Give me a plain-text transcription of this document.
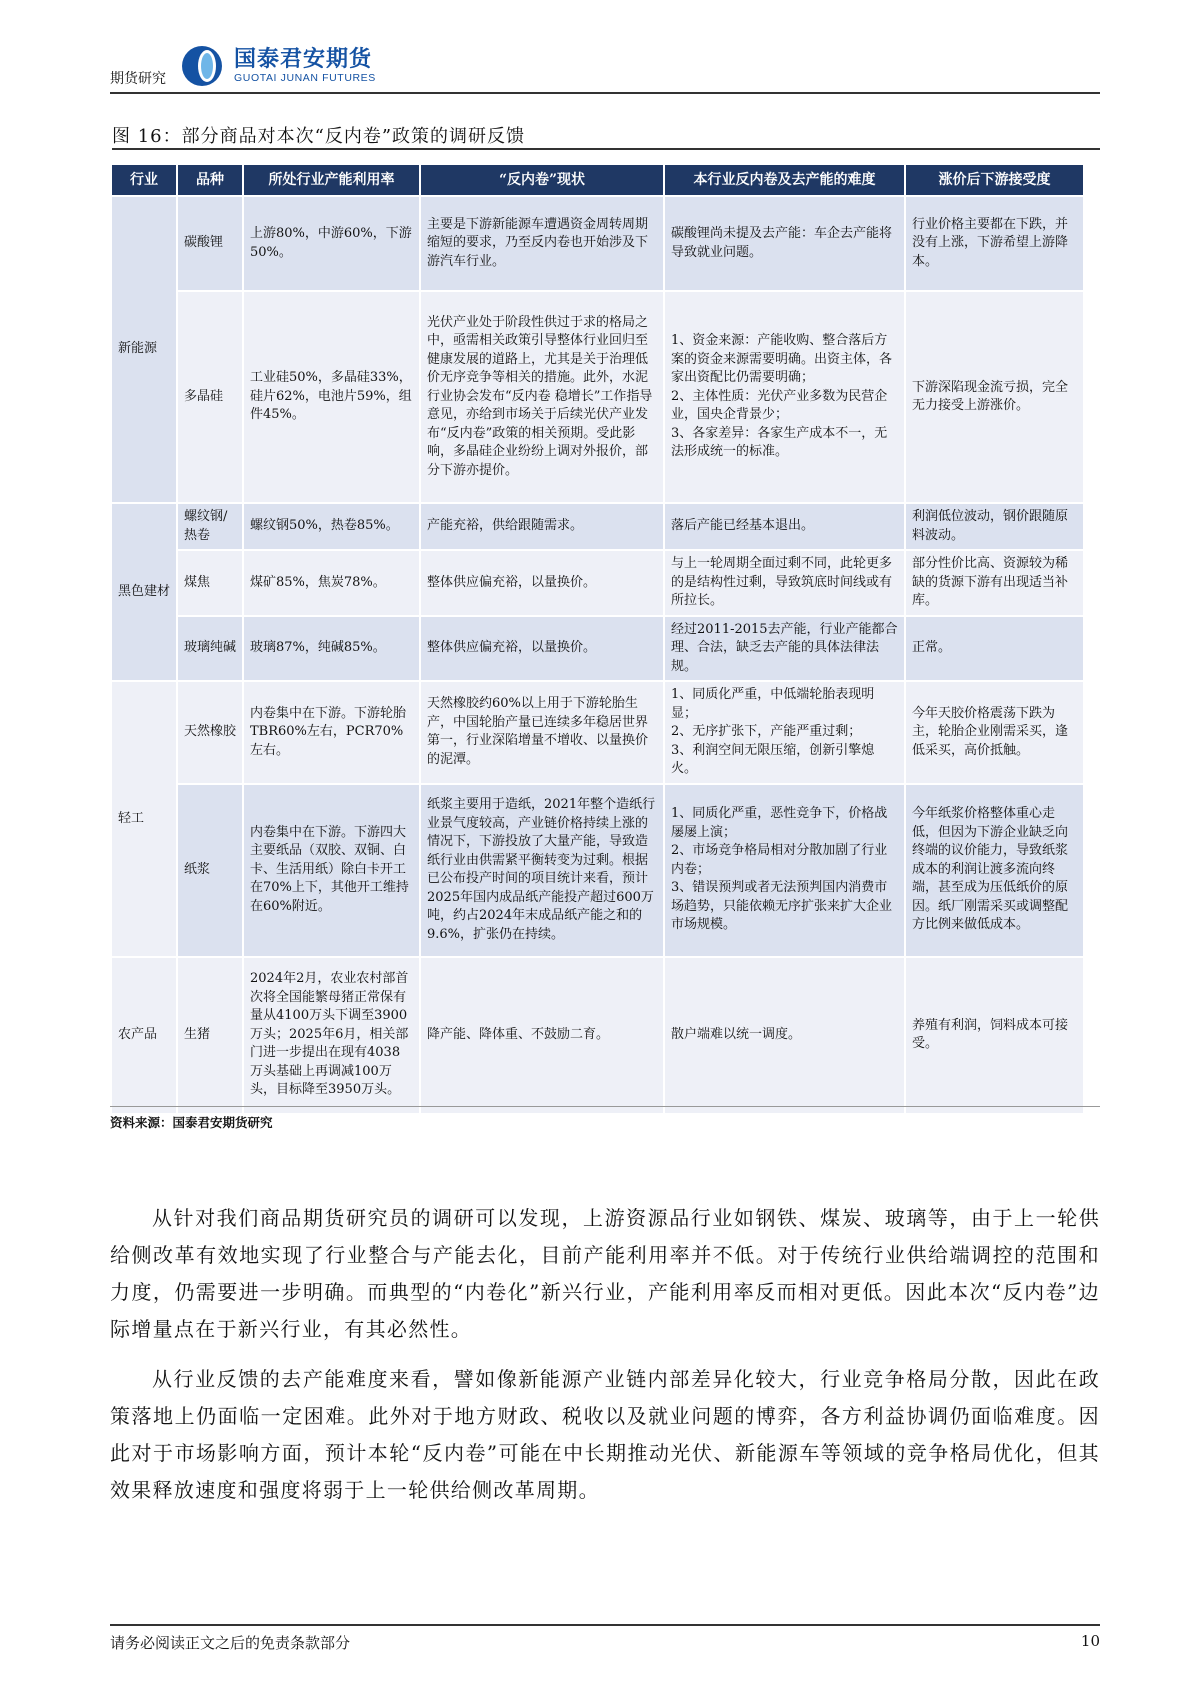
期货研究
国泰君安期货
GUOTAI JUNAN FUTURES
图 16：部分商品对本次“反内卷”政策的调研反馈
行业	品种	所处行业产能利用率	“反内卷”现状	本行业反内卷及去产能的难度	涨价后下游接受度
新能源	碳酸锂	上游80%，中游60%，下游50%。	主要是下游新能源车遭遇资金周转周期缩短的要求，乃至反内卷也开始涉及下游汽车行业。	碳酸锂尚未提及去产能：车企去产能将导致就业问题。	行业价格主要都在下跌，并没有上涨，下游希望上游降本。
	多晶硅	工业硅50%，多晶硅33%，硅片62%，电池片59%，组件45%。	光伏产业处于阶段性供过于求的格局之中，亟需相关政策引导整体行业回归至健康发展的道路上，尤其是关于治理低价无序竞争等相关的措施。此外，水泥行业协会发布“反内卷 稳增长”工作指导意见，亦给到市场关于后续光伏产业发布“反内卷”政策的相关预期。受此影响，多晶硅企业纷纷上调对外报价，部分下游亦提价。	1、资金来源：产能收购、整合落后方案的资金来源需要明确。出资主体，各家出资配比仍需要明确；
2、主体性质：光伏产业多数为民营企业，国央企背景少；
3、各家差异：各家生产成本不一，无法形成统一的标准。	下游深陷现金流亏损，完全无力接受上游涨价。
黑色建材	螺纹钢/热卷	螺纹钢50%，热卷85%。	产能充裕，供给跟随需求。	落后产能已经基本退出。	利润低位波动，钢价跟随原料波动。
	煤焦	煤矿85%，焦炭78%。	整体供应偏充裕，以量换价。	与上一轮周期全面过剩不同，此轮更多的是结构性过剩，导致筑底时间线或有所拉长。	部分性价比高、资源较为稀缺的货源下游有出现适当补库。
	玻璃纯碱	玻璃87%，纯碱85%。	整体供应偏充裕，以量换价。	经过2011-2015去产能，行业产能都合理、合法，缺乏去产能的具体法律法规。	正常。
轻工	天然橡胶	内卷集中在下游。下游轮胎TBR60%左右，PCR70%左右。	天然橡胶约60%以上用于下游轮胎生产，中国轮胎产量已连续多年稳居世界第一，行业深陷增量不增收、以量换价的泥潭。	1、同质化严重，中低端轮胎表现明显；
2、无序扩张下，产能严重过剩；
3、利润空间无限压缩，创新引擎熄火。	今年天胶价格震荡下跌为主，轮胎企业刚需采买，逢低采买，高价抵触。
	纸浆	内卷集中在下游。下游四大主要纸品（双胶、双铜、白卡、生活用纸）除白卡开工在70%上下，其他开工维持在60%附近。	纸浆主要用于造纸，2021年整个造纸行业景气度较高，产业链价格持续上涨的情况下，下游投放了大量产能，导致造纸行业由供需紧平衡转变为过剩。根据已公布投产时间的项目统计来看，预计2025年国内成品纸产能投产超过600万吨，约占2024年末成品纸产能之和的9.6%，扩张仍在持续。	1、同质化严重，恶性竞争下，价格战屡屡上演；
2、市场竞争格局相对分散加剧了行业内卷；
3、错误预判或者无法预判国内消费市场趋势，只能依赖无序扩张来扩大企业市场规模。	今年纸浆价格整体重心走低，但因为下游企业缺乏向终端的议价能力，导致纸浆成本的利润让渡多流向终端，甚至成为压低纸价的原因。纸厂刚需采买或调整配方比例来做低成本。
农产品	生猪	2024年2月，农业农村部首次将全国能繁母猪正常保有量从4100万头下调至3900万头；2025年6月，相关部门进一步提出在现有4038万头基础上再调减100万头，目标降至3950万头。	降产能、降体重、不鼓励二育。	散户端难以统一调度。	养殖有利润，饲料成本可接受。
资料来源：国泰君安期货研究

从针对我们商品期货研究员的调研可以发现，上游资源品行业如钢铁、煤炭、玻璃等，由于上一轮供给侧改革有效地实现了行业整合与产能去化，目前产能利用率并不低。对于传统行业供给端调控的范围和力度，仍需要进一步明确。而典型的“内卷化”新兴行业，产能利用率反而相对更低。因此本次“反内卷”边际增量点在于新兴行业，有其必然性。

从行业反馈的去产能难度来看，譬如像新能源产业链内部差异化较大，行业竞争格局分散，因此在政策落地上仍面临一定困难。此外对于地方财政、税收以及就业问题的博弈，各方利益协调仍面临难度。因此对于市场影响方面，预计本轮“反内卷”可能在中长期推动光伏、新能源车等领域的竞争格局优化，但其效果释放速度和强度将弱于上一轮供给侧改革周期。

请务必阅读正文之后的免责条款部分	10
